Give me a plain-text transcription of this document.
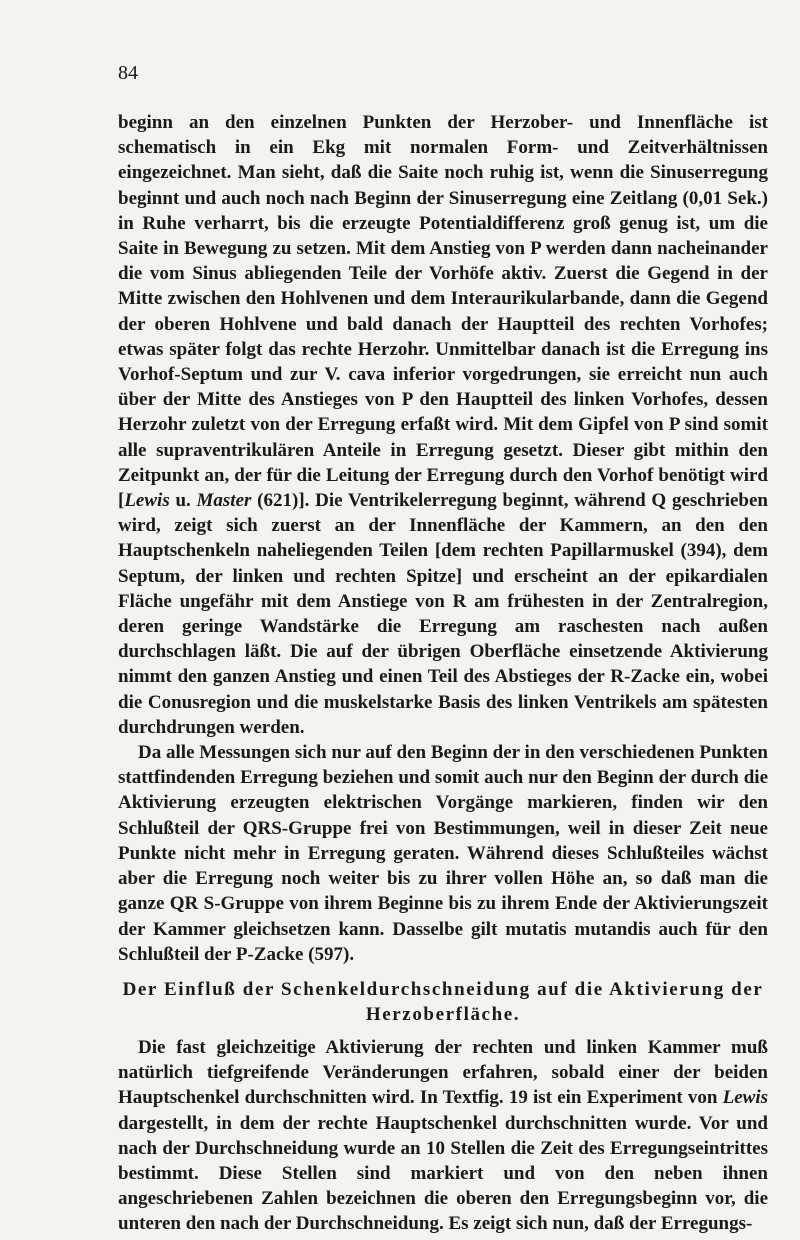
84

beginn an den einzelnen Punkten der Herzober- und Innenfläche ist schematisch in ein Ekg mit normalen Form- und Zeitverhältnissen eingezeichnet. Man sieht, daß die Saite noch ruhig ist, wenn die Sinuserregung beginnt und auch noch nach Beginn der Sinuserregung eine Zeitlang (0,01 Sek.) in Ruhe verharrt, bis die erzeugte Potentialdifferenz groß genug ist, um die Saite in Bewegung zu setzen. Mit dem Anstieg von P werden dann nacheinander die vom Sinus abliegenden Teile der Vorhöfe aktiv. Zuerst die Gegend in der Mitte zwischen den Hohlvenen und dem Interaurikularbande, dann die Gegend der oberen Hohlvene und bald danach der Hauptteil des rechten Vorhofes; etwas später folgt das rechte Herzohr. Unmittelbar danach ist die Erregung ins Vorhof-Septum und zur V. cava inferior vorgedrungen, sie erreicht nun auch über der Mitte des Anstieges von P den Hauptteil des linken Vorhofes, dessen Herzohr zuletzt von der Erregung erfaßt wird. Mit dem Gipfel von P sind somit alle supraventrikulären Anteile in Erregung gesetzt. Dieser gibt mithin den Zeitpunkt an, der für die Leitung der Erregung durch den Vorhof benötigt wird [Lewis u. Master (621)]. Die Ventrikelerregung beginnt, während Q geschrieben wird, zeigt sich zuerst an der Innenfläche der Kammern, an den den Hauptschenkeln naheliegenden Teilen [dem rechten Papillarmuskel (394), dem Septum, der linken und rechten Spitze] und erscheint an der epikardialen Fläche ungefähr mit dem Anstiege von R am frühesten in der Zentralregion, deren geringe Wandstärke die Erregung am raschesten nach außen durchschlagen läßt. Die auf der übrigen Oberfläche einsetzende Aktivierung nimmt den ganzen Anstieg und einen Teil des Abstieges der R-Zacke ein, wobei die Conusregion und die muskelstarke Basis des linken Ventrikels am spätesten durchdrungen werden.

Da alle Messungen sich nur auf den Beginn der in den verschiedenen Punkten stattfindenden Erregung beziehen und somit auch nur den Beginn der durch die Aktivierung erzeugten elektrischen Vorgänge markieren, finden wir den Schlußteil der QRS-Gruppe frei von Bestimmungen, weil in dieser Zeit neue Punkte nicht mehr in Erregung geraten. Während dieses Schlußteiles wächst aber die Erregung noch weiter bis zu ihrer vollen Höhe an, so daß man die ganze QR S-Gruppe von ihrem Beginne bis zu ihrem Ende der Aktivierungszeit der Kammer gleichsetzen kann. Dasselbe gilt mutatis mutandis auch für den Schlußteil der P-Zacke (597).

Der Einfluß der Schenkeldurchschneidung auf die Aktivierung der Herzoberfläche.

Die fast gleichzeitige Aktivierung der rechten und linken Kammer muß natürlich tiefgreifende Veränderungen erfahren, sobald einer der beiden Hauptschenkel durchschnitten wird. In Textfig. 19 ist ein Experiment von Lewis dargestellt, in dem der rechte Hauptschenkel durchschnitten wurde. Vor und nach der Durchschneidung wurde an 10 Stellen die Zeit des Erregungseintrittes bestimmt. Diese Stellen sind markiert und von den neben ihnen angeschriebenen Zahlen bezeichnen die oberen den Erregungsbeginn vor, die unteren den nach der Durchschneidung. Es zeigt sich nun, daß der Erregungs-
